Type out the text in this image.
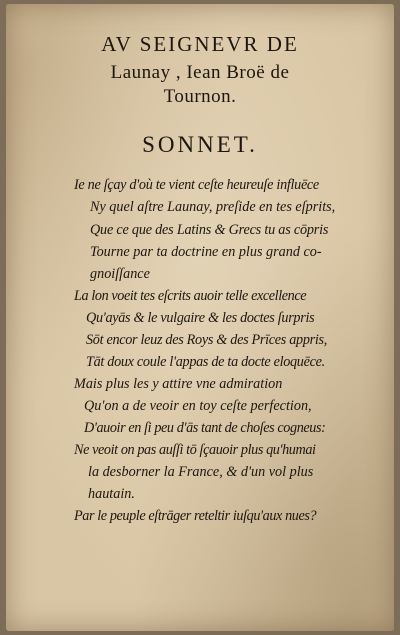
AV SEIGNEVR DE
Launay , Iean Broë de
Tournon.
SONNET.
Ie ne ſçay d'où te vient ceſte heureuſe influēce
Ny quel aſtre Launay, preſide en tes eſprits,
Que ce que des Latins & Grecs tu as cōpris
Tourne par ta doctrine en plus grand co-
gnoiſſance
La lon voeit tes eſcrits auoir telle excellence
Qu'ayās & le vulgaire & les doctes ſurpris
Sōt encor leuz des Roys & des Prīces appris,
Tāt doux coule l'appas de ta docte eloquēce.
Mais plus les y attire vne admiration
Qu'on a de veoir en toy ceſte perfection,
D'auoir en ſi peu d'ās tant de choſes cogneus:
Ne veoit on pas auſſi tō ſçauoir plus qu'humai
la desborner la France, & d'un vol plus
hautain.
Par le peuple eſtrāger reteltir iuſqu'aux nues?
